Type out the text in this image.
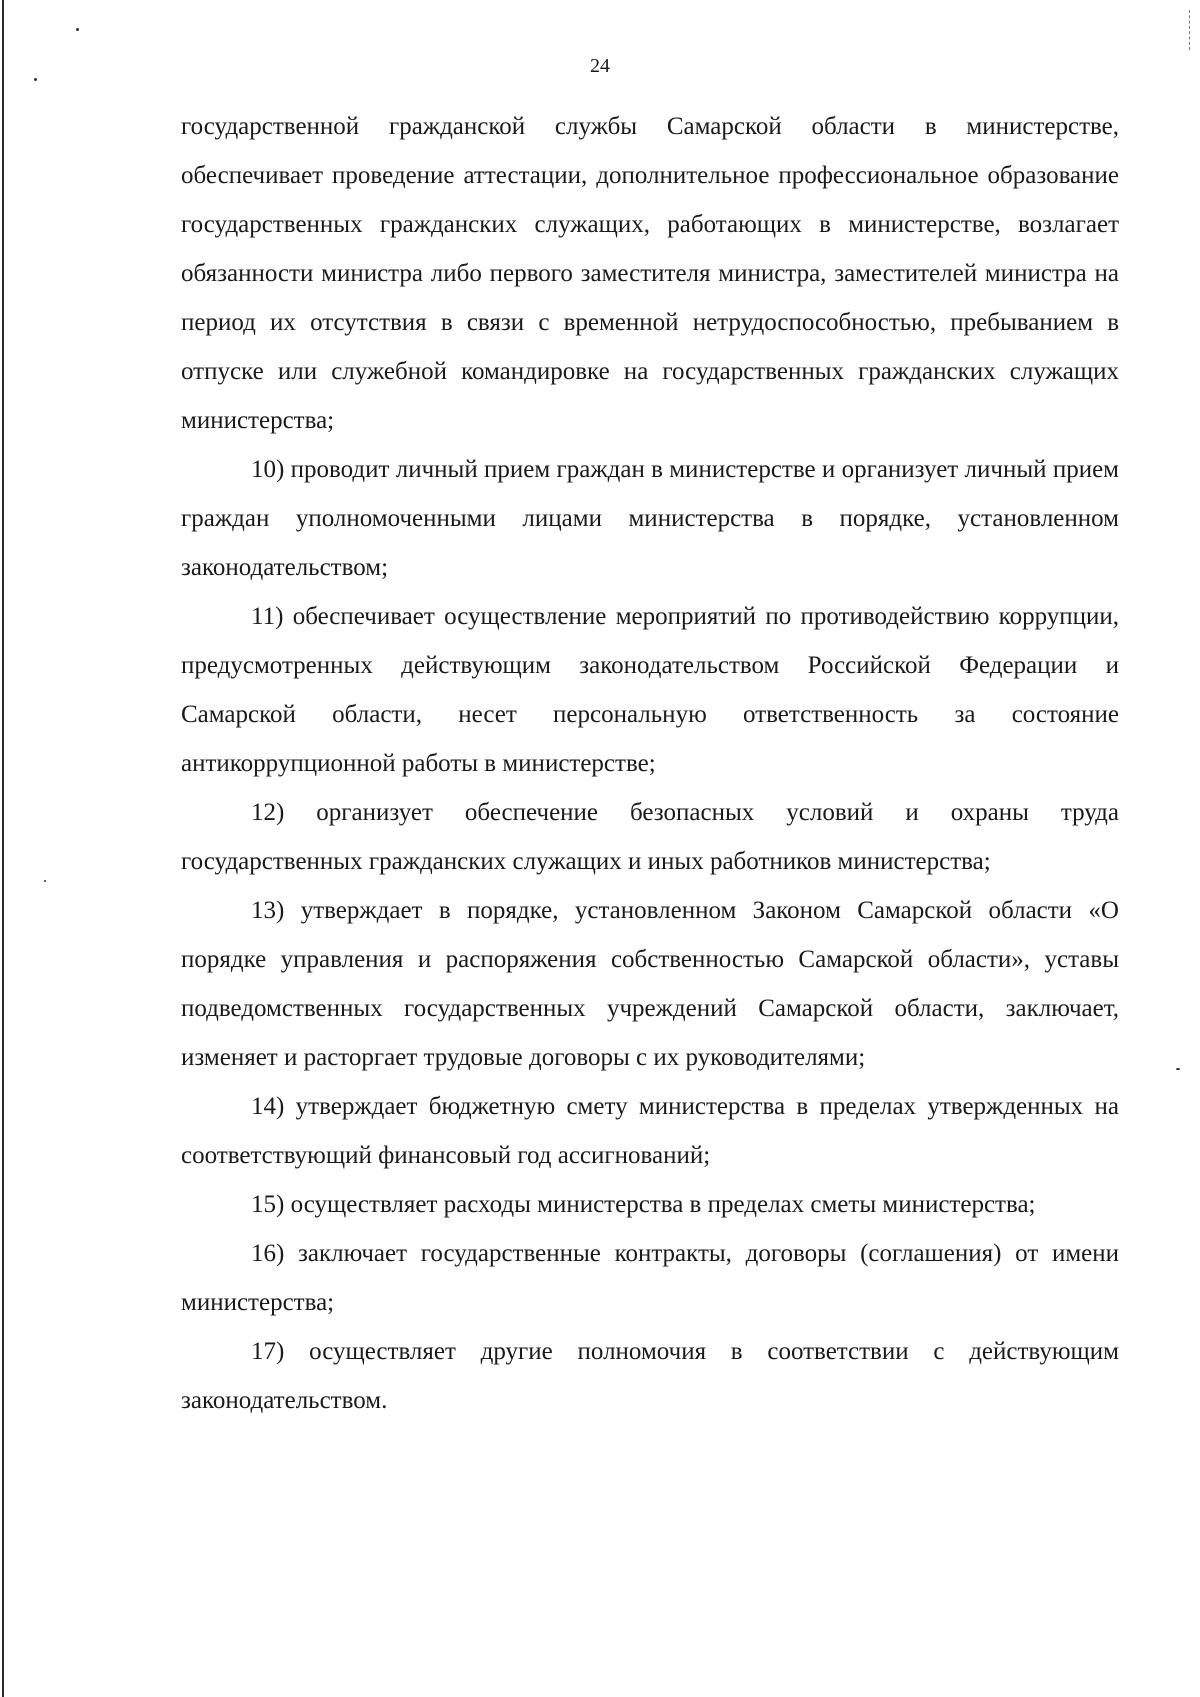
24

государственной гражданской службы Самарской области в министерстве, обеспечивает проведение аттестации, дополнительное профессиональное образование государственных гражданских служащих, работающих в министерстве, возлагает обязанности министра либо первого заместителя министра, заместителей министра на период их отсутствия в связи с временной нетрудоспособностью, пребыванием в отпуске или служебной командировке на государственных гражданских служащих министерства;

10) проводит личный прием граждан в министерстве и организует личный прием граждан уполномоченными лицами министерства в порядке, установленном законодательством;

11) обеспечивает осуществление мероприятий по противодействию коррупции, предусмотренных действующим законодательством Российской Федерации и Самарской области, несет персональную ответственность за состояние антикоррупционной работы в министерстве;

12) организует обеспечение безопасных условий и охраны труда государственных гражданских служащих и иных работников министерства;

13) утверждает в порядке, установленном Законом Самарской области «О порядке управления и распоряжения собственностью Самарской области», уставы подведомственных государственных учреждений Самарской области, заключает, изменяет и расторгает трудовые договоры с их руководителями;

14) утверждает бюджетную смету министерства в пределах утвержденных на соответствующий финансовый год ассигнований;

15) осуществляет расходы министерства в пределах сметы министерства;

16) заключает государственные контракты, договоры (соглашения) от имени министерства;

17) осуществляет другие полномочия в соответствии с действующим законодательством.
